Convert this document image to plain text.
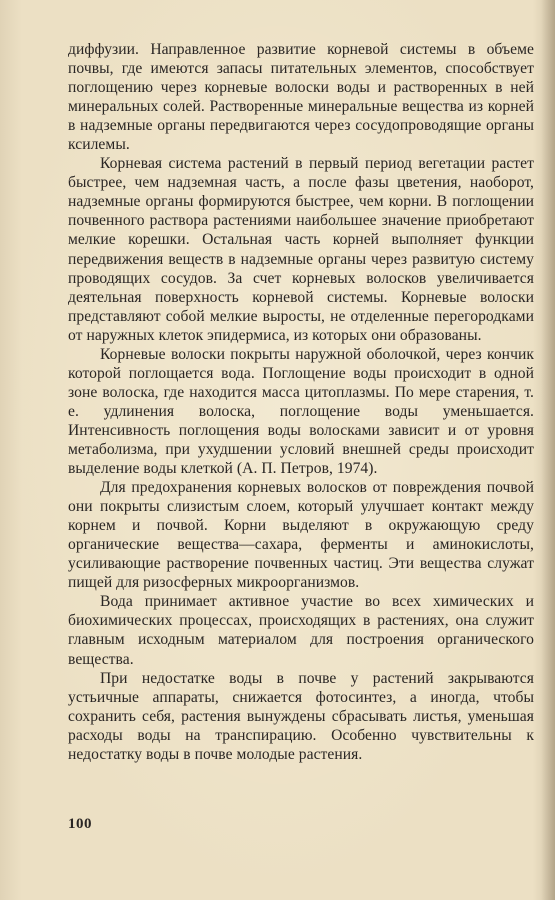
диффузии. Направленное развитие корневой системы в объеме почвы, где имеются запасы питательных элементов, способствует поглощению через корневые волоски воды и растворенных в ней минеральных солей. Растворенные минеральные вещества из корней в надземные органы передвигаются через сосудопроводящие органы ксилемы.

Корневая система растений в первый период вегетации растет быстрее, чем надземная часть, а после фазы цветения, наоборот, надземные органы формируются быстрее, чем корни. В поглощении почвенного раствора растениями наибольшее значение приобретают мелкие корешки. Остальная часть корней выполняет функции передвижения веществ в надземные органы через развитую систему проводящих сосудов. За счет корневых волосков увеличивается деятельная поверхность корневой системы. Корневые волоски представляют собой мелкие выросты, не отделенные перегородками от наружных клеток эпидермиса, из которых они образованы.

Корневые волоски покрыты наружной оболочкой, через кончик которой поглощается вода. Поглощение воды происходит в одной зоне волоска, где находится масса цитоплазмы. По мере старения, т. е. удлинения волоска, поглощение воды уменьшается. Интенсивность поглощения воды волосками зависит и от уровня метаболизма, при ухудшении условий внешней среды происходит выделение воды клеткой (А. П. Петров, 1974).

Для предохранения корневых волосков от повреждения почвой они покрыты слизистым слоем, который улучшает контакт между корнем и почвой. Корни выделяют в окружающую среду органические вещества—сахара, ферменты и аминокислоты, усиливающие растворение почвенных частиц. Эти вещества служат пищей для ризосферных микроорганизмов.

Вода принимает активное участие во всех химических и биохимических процессах, происходящих в растениях, она служит главным исходным материалом для построения органического вещества.

При недостатке воды в почве у растений закрываются устьичные аппараты, снижается фотосинтез, а иногда, чтобы сохранить себя, растения вынуждены сбрасывать листья, уменьшая расходы воды на транспирацию. Особенно чувствительны к недостатку воды в почве молодые растения.

100
